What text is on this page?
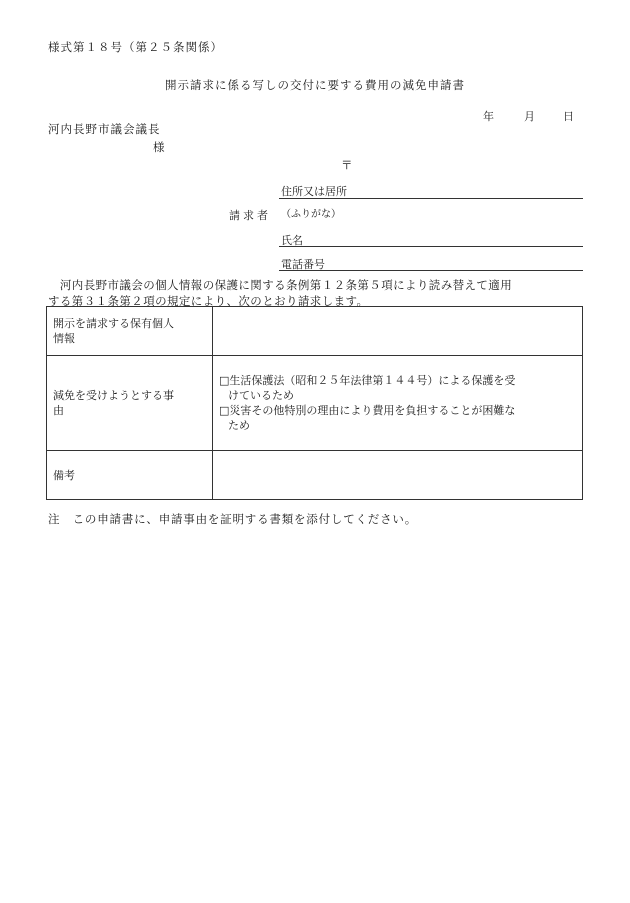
様式第１８号（第２５条関係）
開示請求に係る写しの交付に要する費用の減免申請書
年	月	日
河内長野市議会議長
様
〒
請求者
住所又は居所
（ふりがな）
氏名
電話番号
　河内長野市議会の個人情報の保護に関する条例第１２条第５項により読み替えて適用
する第３１条第２項の規定により、次のとおり請求します。
開示を請求する保有個人
情報	

減免を受けようとする事
由	□生活保護法（昭和２５年法律第１４４号）による保護を受
けているため
□災害その他特別の理由により費用を負担することが困難な
ため

備考	
注　この申請書に、申請事由を証明する書類を添付してください。
